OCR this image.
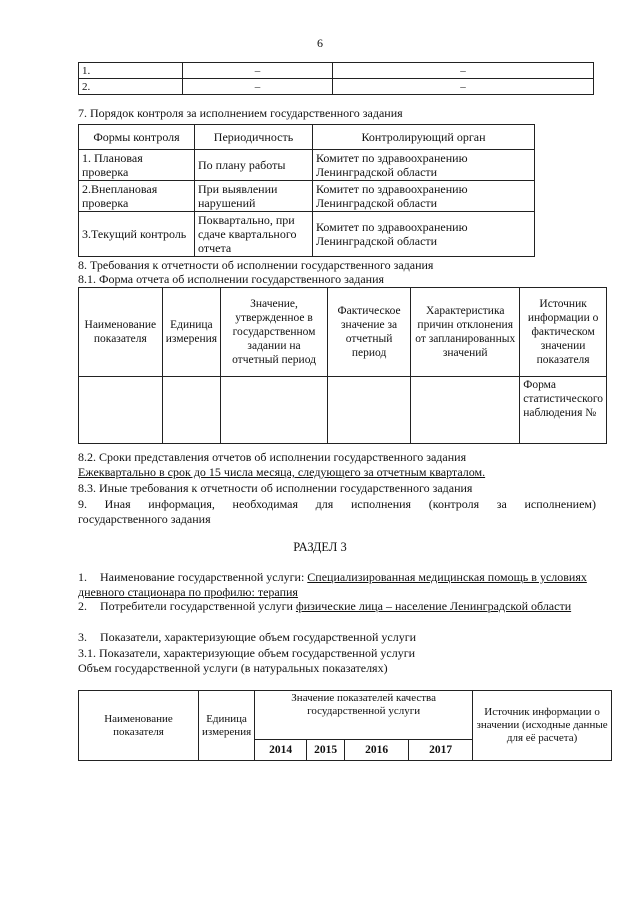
6
1.	–	–
2.	–	–
7. Порядок контроля за исполнением государственного задания
Формы контроля	Периодичность	Контролирующий орган
1. Плановая проверка	По плану работы	Комитет по здравоохранению Ленинградской области
2.Внеплановая проверка	При выявлении нарушений	Комитет по здравоохранению Ленинградской области
3.Текущий контроль	Поквартально, при сдаче квартального отчета	Комитет по здравоохранению Ленинградской области
8. Требования к отчетности об исполнении государственного задания
8.1. Форма отчета об исполнении государственного задания
Наименование показателя	Единица измерения	Значение, утвержденное в государственном задании на отчетный период	Фактическое значение за отчетный период	Характеристика причин отклонения от запланированных значений	Источник информации о фактическом значении показателя
					Форма статистического наблюдения №
8.2. Сроки представления отчетов об исполнении государственного задания
Ежеквартально в срок до 15 числа месяца, следующего за отчетным кварталом.
8.3. Иные требования к отчетности об исполнении государственного задания
9. Иная информация, необходимая для исполнения (контроля за исполнением)
государственного задания
РАЗДЕЛ 3
1. Наименование государственной услуги: Специализированная медицинская помощь в условиях дневного стационара по профилю: терапия
2. Потребители государственной услуги физические лица – население Ленинградской области
3. Показатели, характеризующие объем государственной услуги
3.1. Показатели, характеризующие объем государственной услуги
Объем государственной услуги (в натуральных показателях)
Наименование показателя	Единица измерения	Значение показателей качества государственной услуги				Источник информации о значении (исходные данные для её расчета)
		2014	2015	2016	2017	
